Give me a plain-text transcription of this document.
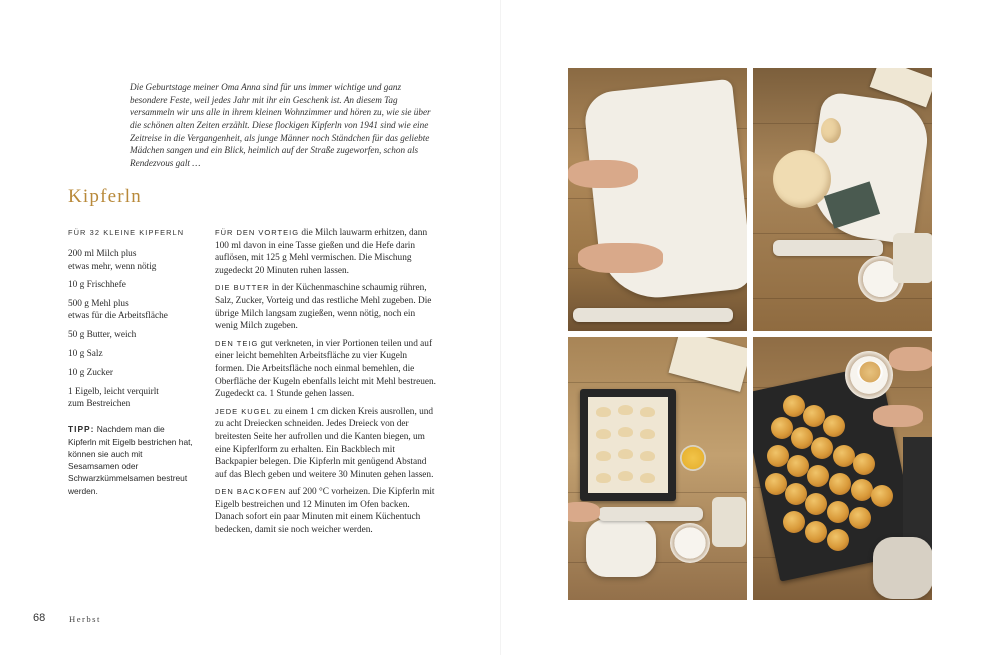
Die Geburtstage meiner Oma Anna sind für uns immer wichtige und ganz besondere Feste, weil jedes Jahr mit ihr ein Geschenk ist. An diesem Tag versammeln wir uns alle in ihrem kleinen Wohnzimmer und hören zu, wie sie über die schönen alten Zeiten erzählt. Diese flockigen Kipferln von 1941 sind wie eine Zeitreise in die Vergangenheit, als junge Männer noch Ständchen für das geliebte Mädchen sangen und ein Blick, heimlich auf der Straße zugeworfen, schon als Rendezvous galt …

Kipferln
FÜR 32 KLEINE KIPFERLN
200 ml Milch plus
etwas mehr, wenn nötig
10 g Frischhefe
500 g Mehl plus
etwas für die Arbeitsfläche
50 g Butter, weich
10 g Salz
10 g Zucker
1 Eigelb, leicht verquirlt
zum Bestreichen
TIPP: Nachdem man die Kipferln mit Eigelb bestrichen hat, können sie auch mit Sesamsamen oder Schwarzkümmelsamen bestreut werden.

FÜR DEN VORTEIG die Milch lauwarm erhitzen, dann 100 ml davon in eine Tasse gießen und die Hefe darin auflösen, mit 125 g Mehl vermischen. Die Mischung zugedeckt 20 Minuten ruhen lassen.

DIE BUTTER in der Küchenmaschine schaumig rühren, Salz, Zucker, Vorteig und das restliche Mehl zugeben. Die übrige Milch langsam zugießen, wenn nötig, noch ein wenig Milch zugeben.

DEN TEIG gut verkneten, in vier Portionen teilen und auf einer leicht bemehlten Arbeitsfläche zu vier Kugeln formen. Die Arbeitsfläche noch einmal bemehlen, die Oberfläche der Kugeln ebenfalls leicht mit Mehl bestreuen. Zugedeckt ca. 1 Stunde gehen lassen.

JEDE KUGEL zu einem 1 cm dicken Kreis ausrollen, und zu acht Dreiecken schneiden. Jedes Dreieck von der breitesten Seite her aufrollen und die Kanten biegen, um eine Kipferlform zu erhalten. Ein Backblech mit Backpapier belegen. Die Kipferln mit genügend Abstand auf das Blech geben und weitere 30 Minuten gehen lassen.

DEN BACKOFEN auf 200 °C vorheizen. Die Kipferln mit Eigelb bestreichen und 12 Minuten im Ofen backen. Danach sofort ein paar Minuten mit einem Küchentuch bedecken, damit sie noch weicher werden.

68	Herbst
